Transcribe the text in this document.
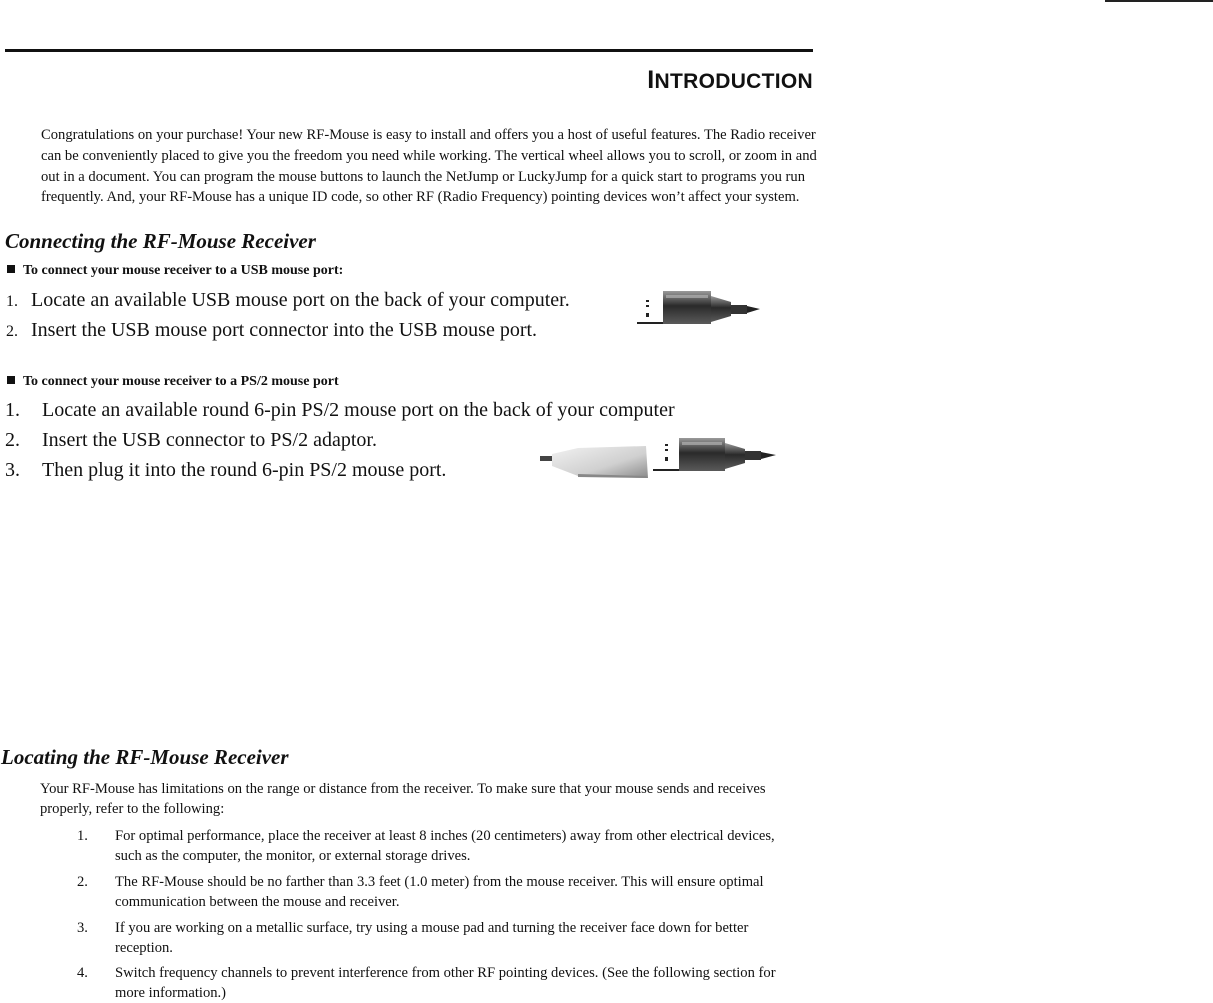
INTRODUCTION

Congratulations on your purchase! Your new RF-Mouse is easy to install and offers you a host of useful features. The Radio receiver can be conveniently placed to give you the freedom you need while working. The vertical wheel allows you to scroll, or zoom in and out in a document. You can program the mouse buttons to launch the NetJump or LuckyJump for a quick start to programs you run frequently. And, your RF-Mouse has a unique ID code, so other RF (Radio Frequency) pointing devices won’t affect your system.

Connecting the RF-Mouse Receiver
To connect your mouse receiver to a USB mouse port:
1. Locate an available USB mouse port on the back of your computer.
2. Insert the USB mouse port connector into the USB mouse port.
To connect your mouse receiver to a PS/2 mouse port
1. Locate an available round 6-pin PS/2 mouse port on the back of your computer
2. Insert the USB connector to PS/2 adaptor.
3. Then plug it into the round 6-pin PS/2 mouse port.
Locating the RF-Mouse Receiver

Your RF-Mouse has limitations on the range or distance from the receiver. To make sure that your mouse sends and receives properly, refer to the following:

1. For optimal performance, place the receiver at least 8 inches (20 centimeters) away from other electrical devices, such as the computer, the monitor, or external storage drives.
2. The RF-Mouse should be no farther than 3.3 feet (1.0 meter) from the mouse receiver. This will ensure optimal communication between the mouse and receiver.
3. If you are working on a metallic surface, try using a mouse pad and turning the receiver face down for better reception.
4. Switch frequency channels to prevent interference from other RF pointing devices. (See the following section for more information.)
